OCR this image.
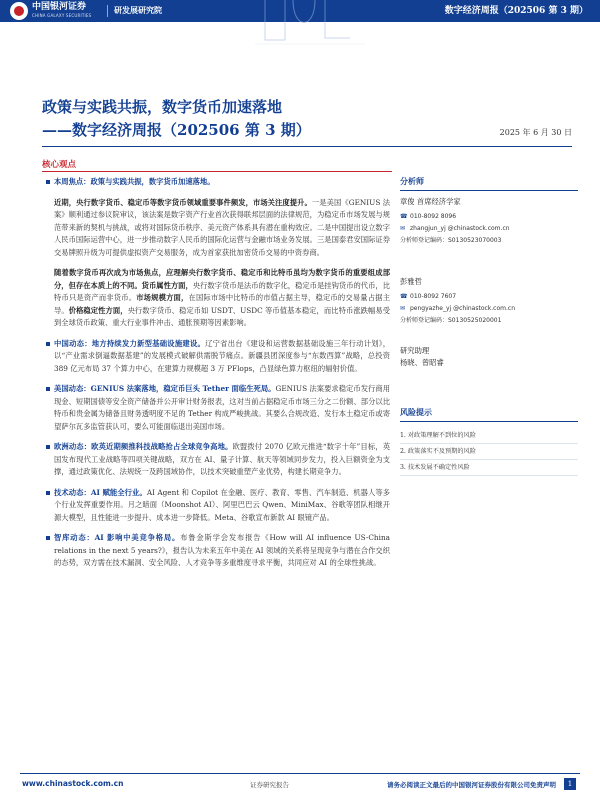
中国银河证券
CHINA GALAXY SECURITIES
研发展研究院	数字经济周报（202506 第 3 期）
政策与实践共振，数字货币加速落地
——数字经济周报（202506 第 3 期）	2025 年 6 月 30 日
核心观点

本周焦点：政策与实践共振，数字货币加速落地。

近期，央行数字货币、稳定币等数字货币领域重要事件频发，市场关注度提升。一是美国《GENIUS 法案》顺利通过参议院审议，该法案是数字资产行业首次获得联邦层面的法律规范，为稳定币市场发展与规范带来新的契机与挑战，或将对国际货币秩序、美元资产体系具有潜在重构效应。二是中国提出设立数字人民币国际运营中心，进一步推动数字人民币的国际化运营与金融市场业务发展。三是国泰君安国际证券交易牌照升级为可提供虚拟资产交易服务，成为首家获批加密货币交易的中资券商。

随着数字货币再次成为市场焦点，应理解央行数字货币、稳定币和比特币虽均为数字货币的重要组成部分，但存在本质上的不同。货币属性方面，央行数字货币是法币的数字化，稳定币是挂钩货币的代币，比特币只是资产而非货币。市场规模方面，在国际市场中比特币的市值占据主导，稳定币的交易量占据主导。价格稳定性方面，央行数字货币、稳定币如 USDT、USDC 等币值基本稳定，而比特币涨跌幅易受到全球货币政策、重大行业事件冲击、通胀预期等因素影响。

中国动态：地方持续发力新型基础设施建设。辽宁省出台《建设和运营数据基础设施三年行动计划》，以“产业需求倒逼数据基建”的发展模式破解供需脱节痛点。新疆县团深度参与“东数西算”战略，总投资 389 亿元布局 37 个算力中心，在建算力规模超 3 万 PFlops，凸显绿色算力枢纽的辐射价值。

美国动态：GENIUS 法案落地，稳定币巨头 Tether 面临生死局。GENIUS 法案要求稳定币发行商用现金、短期国债等安全资产储备并公开审计财务报表，这对当前占据稳定币市场三分之二份额、部分以比特币和贵金属为储备且财务透明度不足的 Tether 构成严峻挑战。其要么合规改造、发行本土稳定币或寄望萨尔瓦多监管获认可，要么可能面临退出美国市场。

欧洲动态：欧英近期频推科技战略抢占全球竞争高地。欧盟拨付 2070 亿欧元推进“数字十年”目标，英国发布现代工业战略等四项关键战略，双方在 AI、量子计算、航天等领域同步发力，投入巨额资金为支撑，通过政策优化、法规统一及跨国域协作，以技术突破重塑产业优势，构建长期竞争力。

技术动态：AI 赋能全行业。AI Agent 和 Copilot 在金融、医疗、教育、零售、汽车制造、机器人等多个行业发挥重要作用。月之暗面（Moonshot AI）、阿里巴巴云 Qwen、MiniMax、谷歌等团队相继开源大模型，且性能进一步提升、成本进一步降低。Meta、谷歌宣布新款 AI 眼镜产品。

智库动态：AI 影响中美竞争格局。布鲁金斯学会发布报告《How will AI influence US-China relations in the next 5 years?》，报告认为未来五年中美在 AI 领域的关系将呈现竞争与潜在合作交织的态势，双方需在技术漏洞、安全风险、人才竞争等多重维度寻求平衡，共同应对 AI 的全球性挑战。

分析师
章俊 首席经济学家
☎ 010-8092 8096
✉ zhangjun_yj @chinastock.com.cn
分析师登记编码：S0130523070003
彭雅哲
☎ 010-8092 7607
✉ pengyazhe_yj @chinastock.com.cn
分析师登记编码：S0130525020001
研究助理
杨晓、曾昭睿
风险提示
1. 对政策理解不到位的风险
2. 政策落实不及预期的风险
3. 技术发展不确定性风险
www.chinastock.com.cn	证券研究报告	请务必阅读正文最后的中国银河证券股份有限公司免责声明	1
